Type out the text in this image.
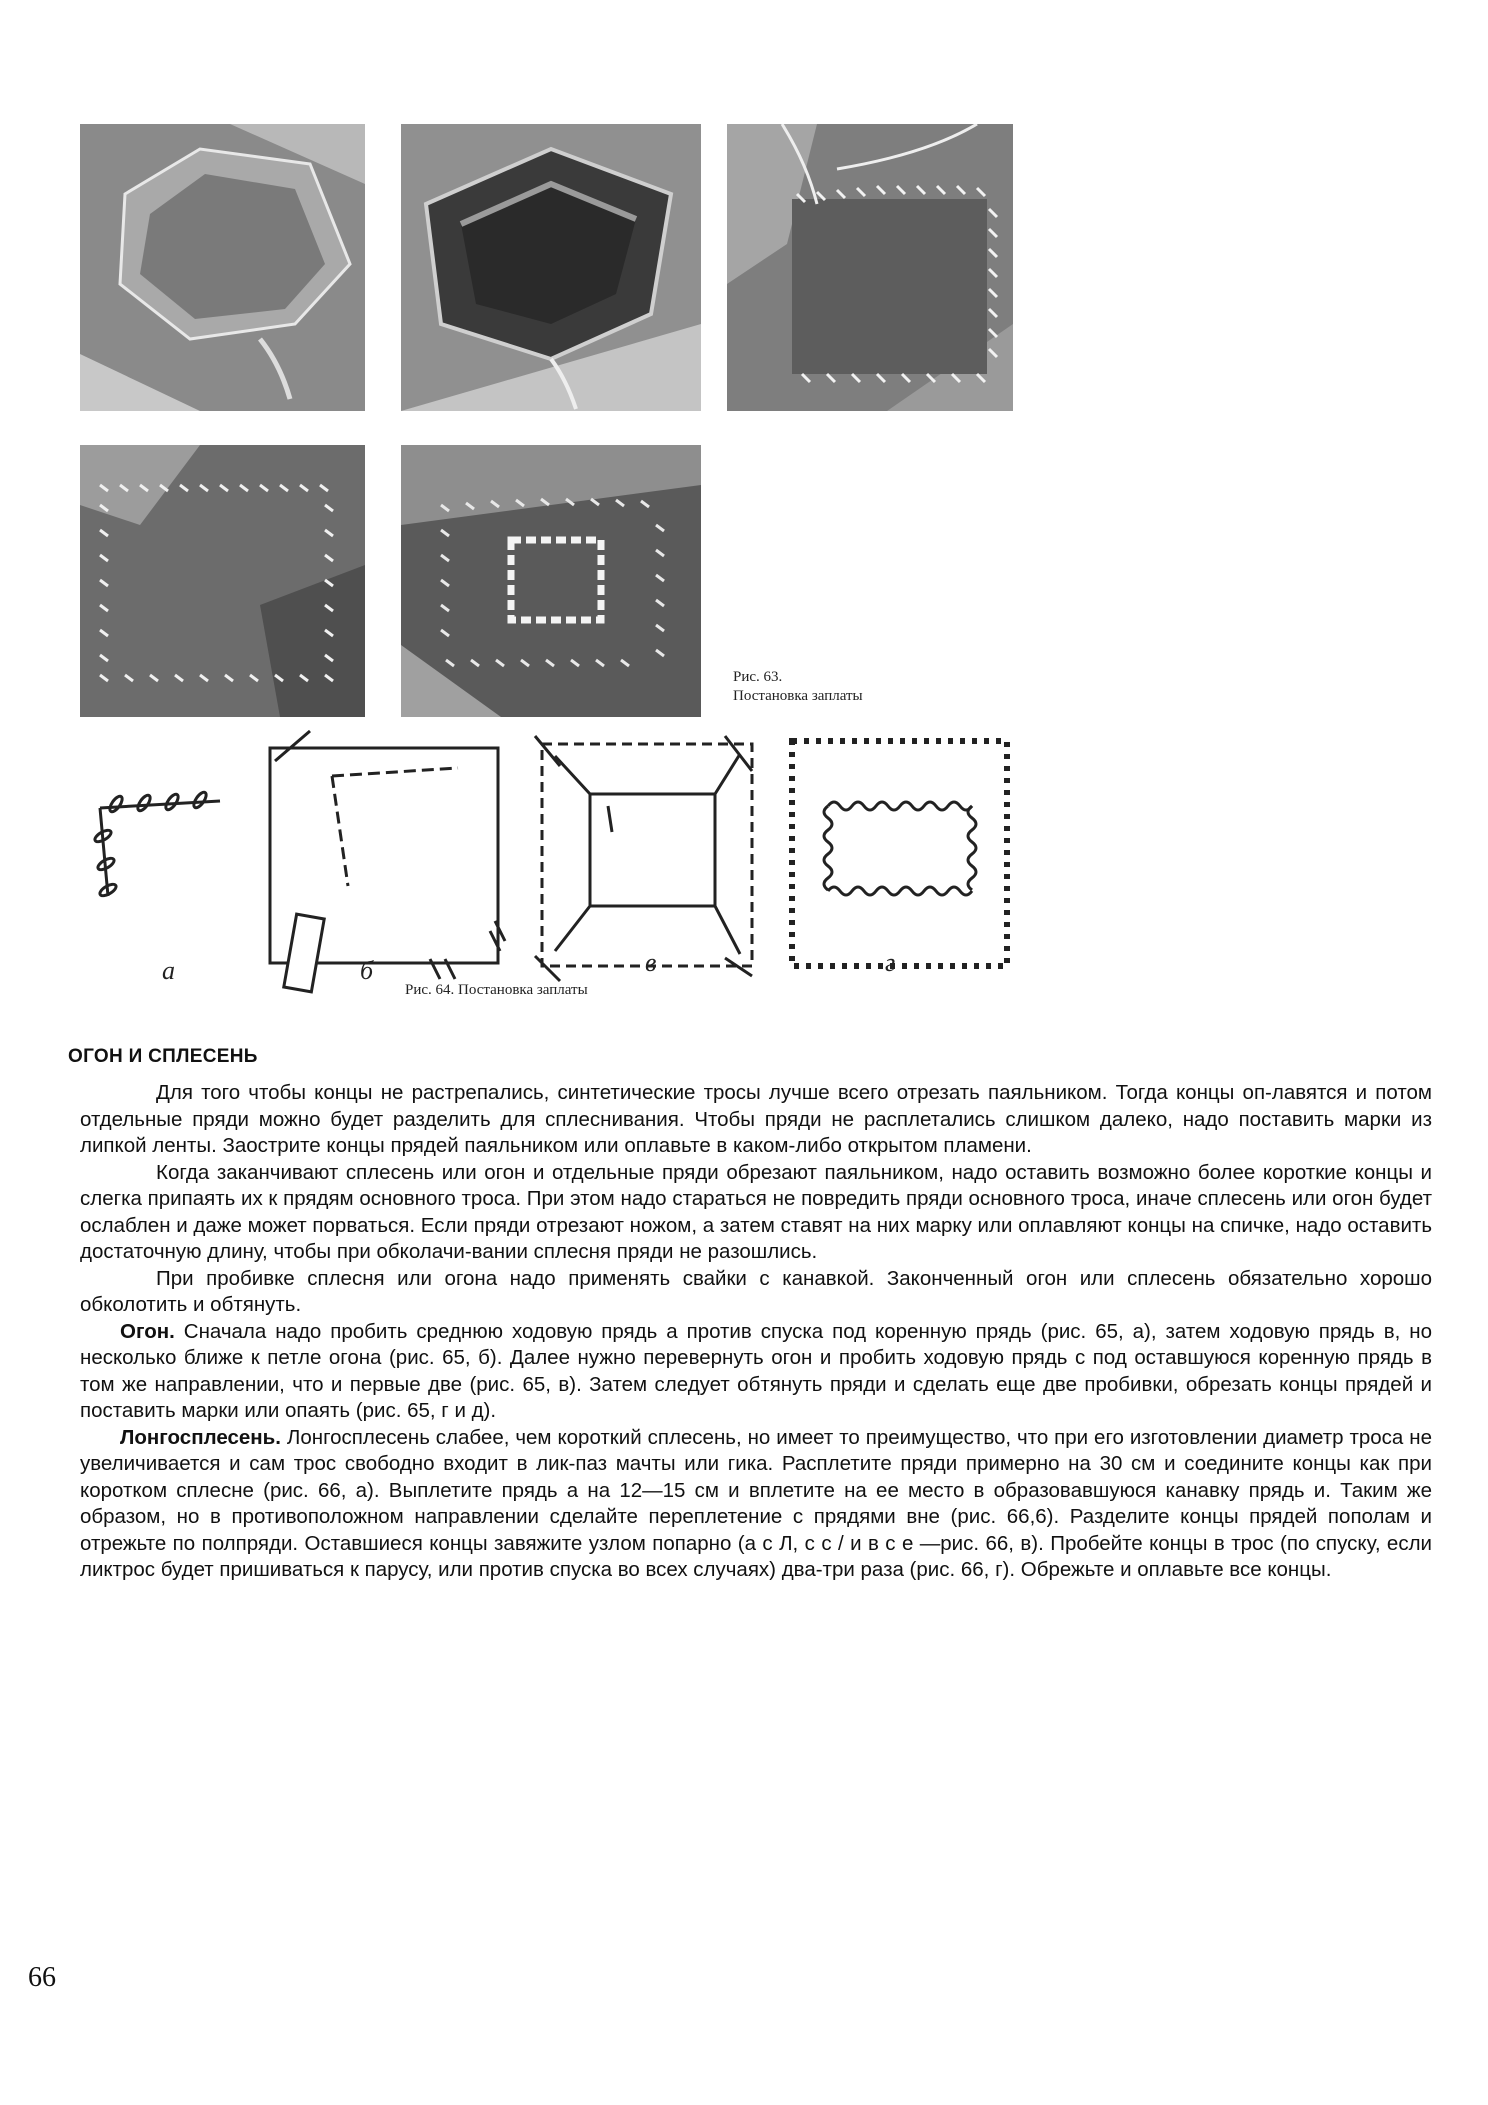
Рис. 63.
Постановка заплаты
а	б	в	г
Рис. 64. Постановка заплаты
ОГОН И СПЛЕСЕНЬ

Для того чтобы концы не растрепались, синтетические тросы лучше всего отрезать паяльником. Тогда концы оп-лавятся и потом отдельные пряди можно будет разделить для сплеснивания. Чтобы пряди не расплетались слишком далеко, надо поставить марки из липкой ленты. Заострите концы прядей паяльником или оплавьте в каком-либо открытом пламени.

Когда заканчивают сплесень или огон и отдельные пряди обрезают паяльником, надо оставить возможно более короткие концы и слегка припаять их к прядям основного троса. При этом надо стараться не повредить пряди основного троса, иначе сплесень или огон будет ослаблен и даже может порваться. Если пряди отрезают ножом, а затем ставят на них марку или оплавляют концы на спичке, надо оставить достаточную длину, чтобы при обколачи-вании сплесня пряди не разошлись.

При пробивке сплесня или огона надо применять свайки с канавкой. Законченный огон или сплесень обязательно хорошо обколотить и обтянуть.

Огон. Сначала надо пробить среднюю ходовую прядь а против спуска под коренную прядь (рис. 65, а), затем ходовую прядь в, но несколько ближе к петле огона (рис. 65, б). Далее нужно перевернуть огон и пробить ходовую прядь с под оставшуюся коренную прядь в том же направлении, что и первые две (рис. 65, в). Затем следует обтянуть пряди и сделать еще две пробивки, обрезать концы прядей и поставить марки или опаять (рис. 65, г и д).

Лонгосплесень. Лонгосплесень слабее, чем короткий сплесень, но имеет то преимущество, что при его изготовлении диаметр троса не увеличивается и сам трос свободно входит в лик-паз мачты или гика. Расплетите пряди примерно на 30 см и соедините концы как при коротком сплесне (рис. 66, а). Выплетите прядь а на 12—15 см и вплетите на ее место в образовавшуюся канавку прядь и. Таким же образом, но в противоположном направлении сделайте переплетение с прядями вне (рис. 66,6). Разделите концы прядей пополам и отрежьте по полпряди. Оставшиеся концы завяжите узлом попарно (а с Л, с с / и в с е —рис. 66, в). Пробейте концы в трос (по спуску, если ликтрос будет пришиваться к парусу, или против спуска во всех случаях) два-три раза (рис. 66, г). Обрежьте и оплавьте все концы.

66
